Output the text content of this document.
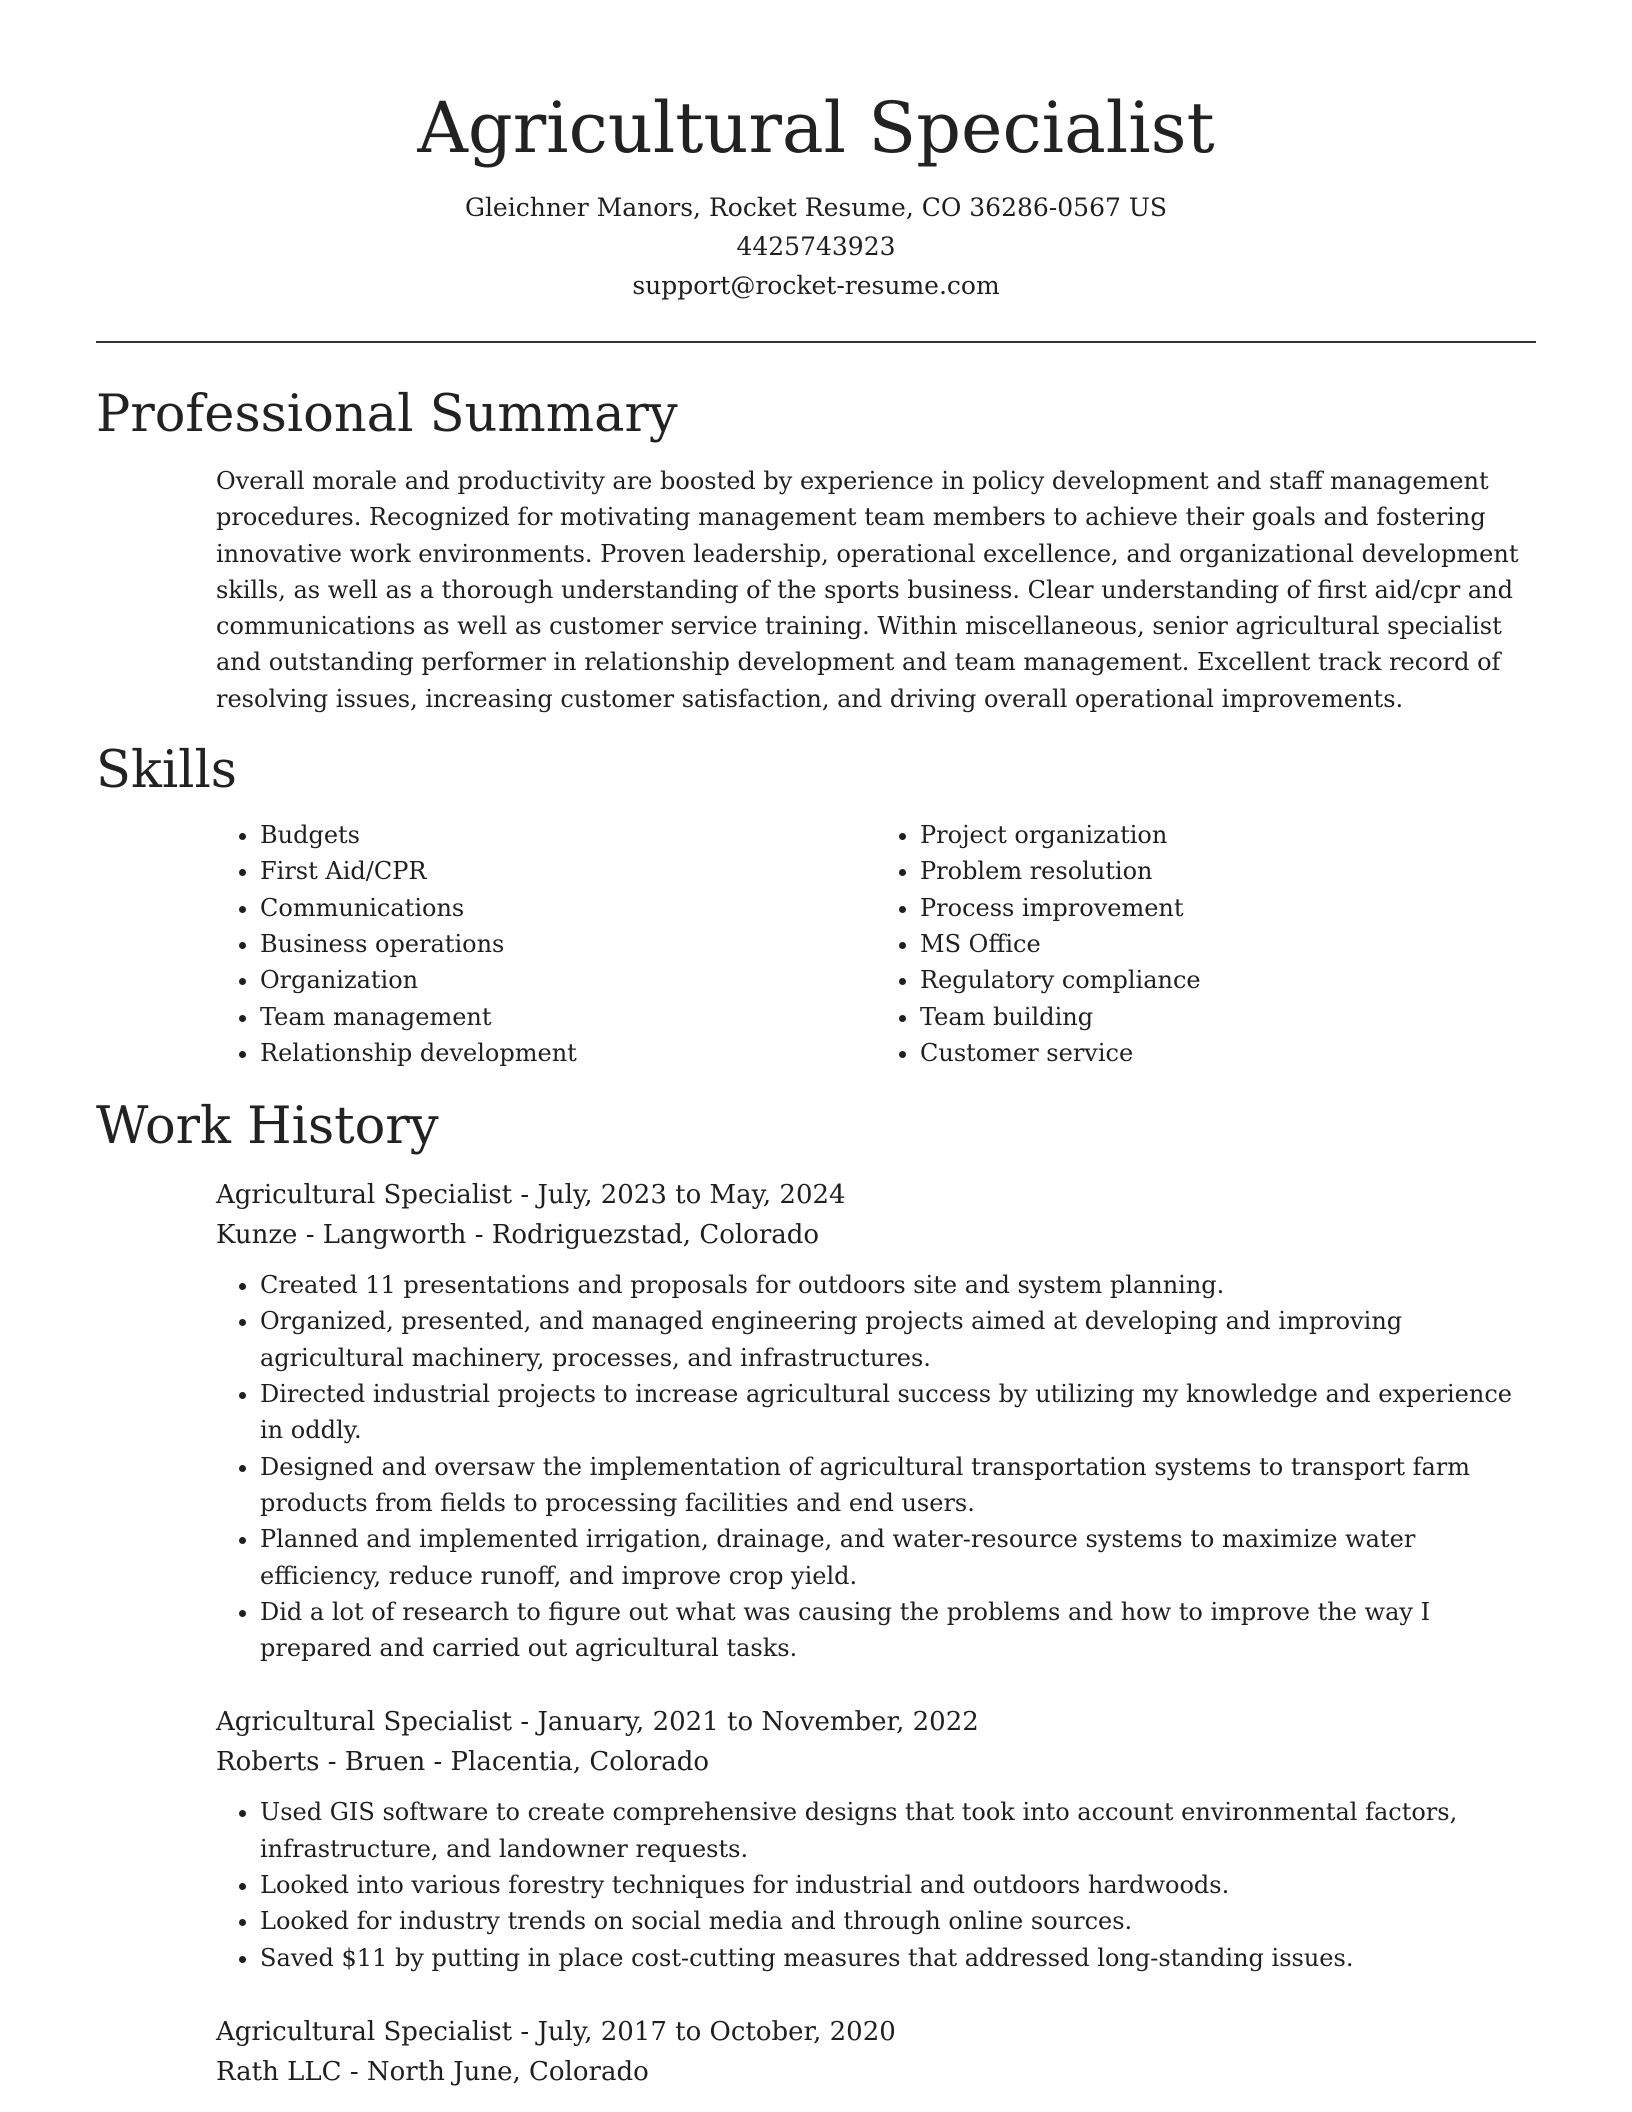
Agricultural Specialist

Gleichner Manors, Rocket Resume, CO 36286-0567 US

4425743923

support@rocket-resume.com

Professional Summary

Overall morale and productivity are boosted by experience in policy development and staff management procedures. Recognized for motivating management team members to achieve their goals and fostering innovative work environments. Proven leadership, operational excellence, and organizational development skills, as well as a thorough understanding of the sports business. Clear understanding of first aid/cpr and communications as well as customer service training. Within miscellaneous, senior agricultural specialist and outstanding performer in relationship development and team management. Excellent track record of resolving issues, increasing customer satisfaction, and driving overall operational improvements.

Skills
• Budgets
• First Aid/CPR
• Communications
• Business operations
• Organization
• Team management
• Relationship development
• Project organization
• Problem resolution
• Process improvement
• MS Office
• Regulatory compliance
• Team building
• Customer service
Work History
Agricultural Specialist - July, 2023 to May, 2024
Kunze - Langworth - Rodriguezstad, Colorado
• Created 11 presentations and proposals for outdoors site and system planning.
• Organized, presented, and managed engineering projects aimed at developing and improving agricultural machinery, processes, and infrastructures.
• Directed industrial projects to increase agricultural success by utilizing my knowledge and experience in oddly.
• Designed and oversaw the implementation of agricultural transportation systems to transport farm products from fields to processing facilities and end users.
• Planned and implemented irrigation, drainage, and water-resource systems to maximize water efficiency, reduce runoff, and improve crop yield.
• Did a lot of research to figure out what was causing the problems and how to improve the way I prepared and carried out agricultural tasks.
Agricultural Specialist - January, 2021 to November, 2022
Roberts - Bruen - Placentia, Colorado
• Used GIS software to create comprehensive designs that took into account environmental factors, infrastructure, and landowner requests.
• Looked into various forestry techniques for industrial and outdoors hardwoods.
• Looked for industry trends on social media and through online sources.
• Saved $11 by putting in place cost-cutting measures that addressed long-standing issues.
Agricultural Specialist - July, 2017 to October, 2020
Rath LLC - North June, Colorado
